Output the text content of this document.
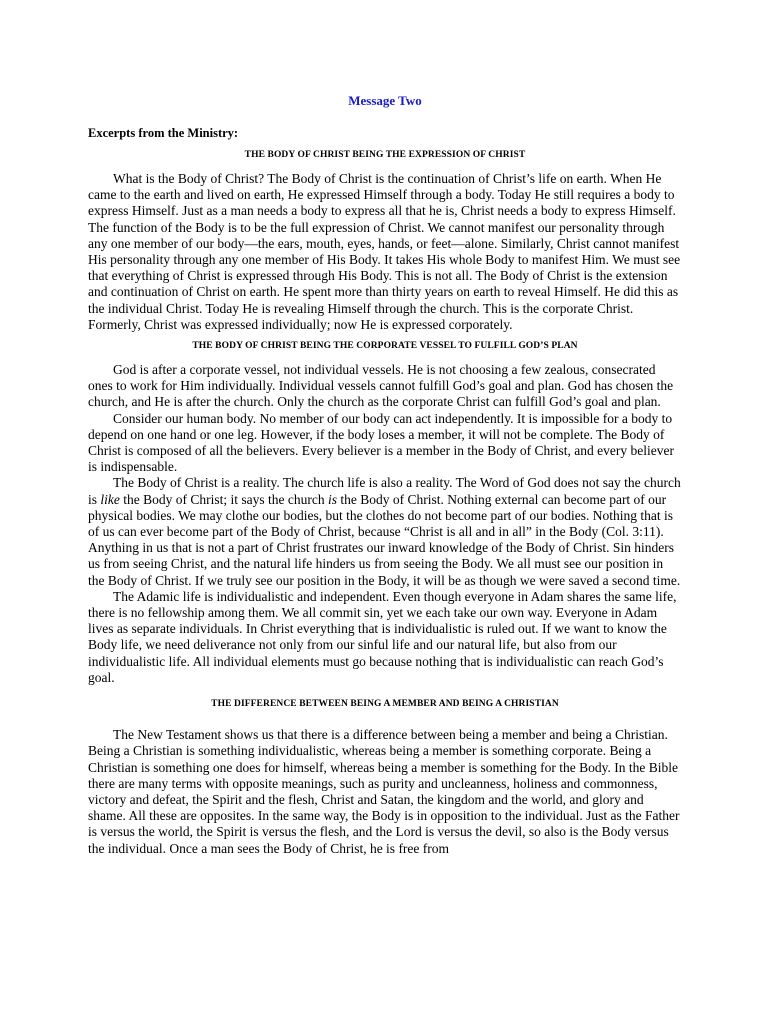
Message Two
Excerpts from the Ministry:
THE BODY OF CHRIST BEING THE EXPRESSION OF CHRIST

What is the Body of Christ? The Body of Christ is the continuation of Christ’s life on earth. When He came to the earth and lived on earth, He expressed Himself through a body. Today He still requires a body to express Himself. Just as a man needs a body to express all that he is, Christ needs a body to express Himself. The function of the Body is to be the full expression of Christ. We cannot manifest our personality through any one member of our body—the ears, mouth, eyes, hands, or feet—alone. Similarly, Christ cannot manifest His personality through any one member of His Body. It takes His whole Body to manifest Him. We must see that everything of Christ is expressed through His Body. This is not all. The Body of Christ is the extension and continuation of Christ on earth. He spent more than thirty years on earth to reveal Himself. He did this as the individual Christ. Today He is revealing Himself through the church. This is the corporate Christ. Formerly, Christ was expressed individually; now He is expressed corporately.

THE BODY OF CHRIST BEING THE CORPORATE VESSEL TO FULFILL GOD’S PLAN

God is after a corporate vessel, not individual vessels. He is not choosing a few zealous, consecrated ones to work for Him individually. Individual vessels cannot fulfill God’s goal and plan. God has chosen the church, and He is after the church. Only the church as the corporate Christ can fulfill God’s goal and plan.

Consider our human body. No member of our body can act independently. It is impossible for a body to depend on one hand or one leg. However, if the body loses a member, it will not be complete. The Body of Christ is composed of all the believers. Every believer is a member in the Body of Christ, and every believer is indispensable.

The Body of Christ is a reality. The church life is also a reality. The Word of God does not say the church is like the Body of Christ; it says the church is the Body of Christ. Nothing external can become part of our physical bodies. We may clothe our bodies, but the clothes do not become part of our bodies. Nothing that is of us can ever become part of the Body of Christ, because “Christ is all and in all” in the Body (Col. 3:11). Anything in us that is not a part of Christ frustrates our inward knowledge of the Body of Christ. Sin hinders us from seeing Christ, and the natural life hinders us from seeing the Body. We all must see our position in the Body of Christ. If we truly see our position in the Body, it will be as though we were saved a second time.

The Adamic life is individualistic and independent. Even though everyone in Adam shares the same life, there is no fellowship among them. We all commit sin, yet we each take our own way. Everyone in Adam lives as separate individuals. In Christ everything that is individualistic is ruled out. If we want to know the Body life, we need deliverance not only from our sinful life and our natural life, but also from our individualistic life. All individual elements must go because nothing that is individualistic can reach God’s goal.

THE DIFFERENCE BETWEEN BEING A MEMBER AND BEING A CHRISTIAN

The New Testament shows us that there is a difference between being a member and being a Christian. Being a Christian is something individualistic, whereas being a member is something corporate. Being a Christian is something one does for himself, whereas being a member is something for the Body. In the Bible there are many terms with opposite meanings, such as purity and uncleanness, holiness and commonness, victory and defeat, the Spirit and the flesh, Christ and Satan, the kingdom and the world, and glory and shame. All these are opposites. In the same way, the Body is in opposition to the individual. Just as the Father is versus the world, the Spirit is versus the flesh, and the Lord is versus the devil, so also is the Body versus the individual. Once a man sees the Body of Christ, he is free from
